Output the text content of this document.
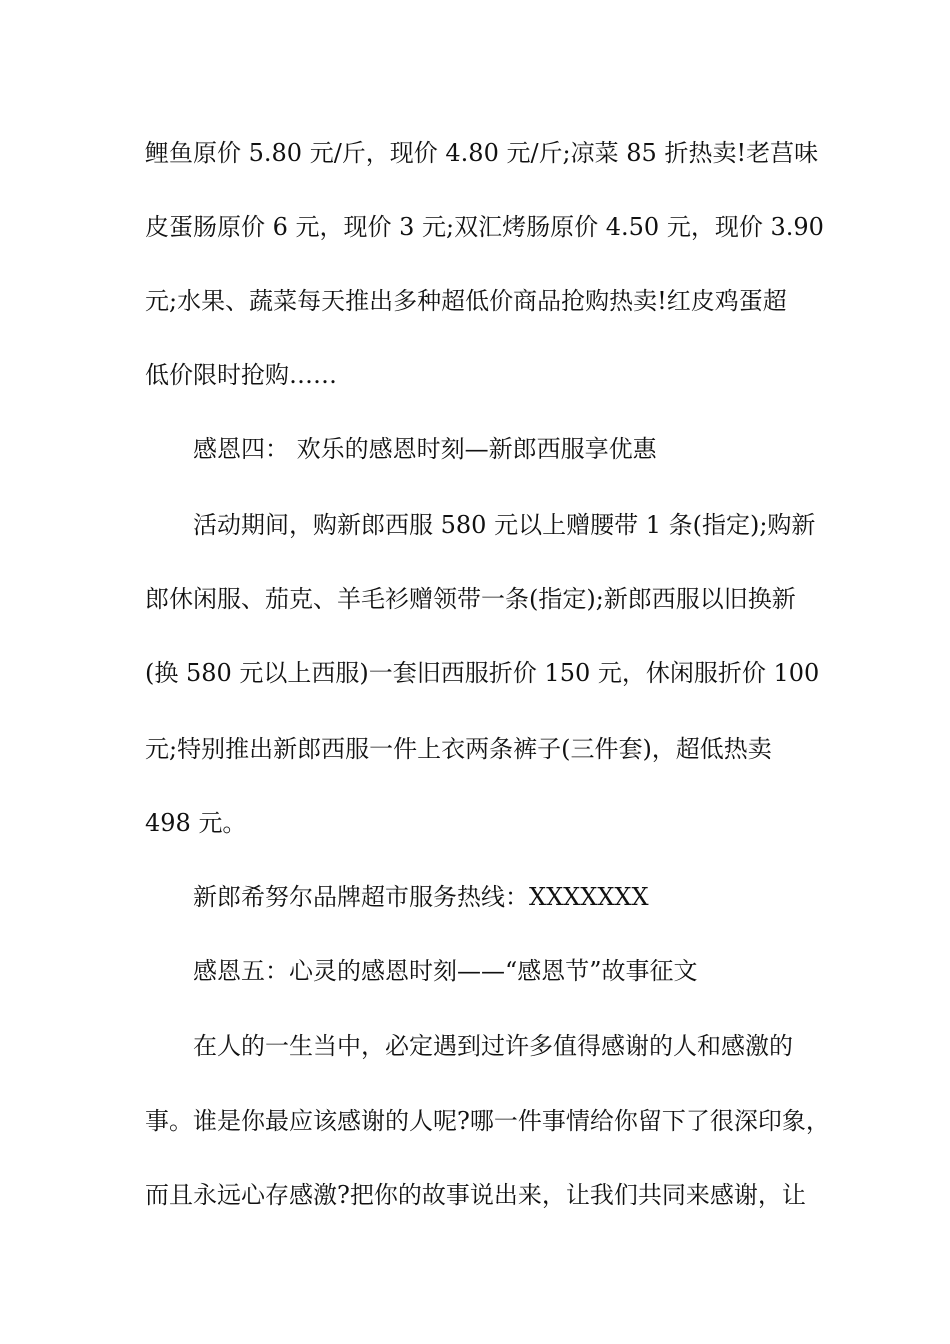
鲤鱼原价 5.80 元/斤，现价 4.80 元/斤;凉菜 85 折热卖!老莒味
皮蛋肠原价 6 元，现价 3 元;双汇烤肠原价 4.50 元，现价 3.90
元;水果、蔬菜每天推出多种超低价商品抢购热卖!红皮鸡蛋超
低价限时抢购……
感恩四： 欢乐的感恩时刻—新郎西服享优惠
活动期间，购新郎西服 580 元以上赠腰带 1 条(指定);购新
郎休闲服、茄克、羊毛衫赠领带一条(指定);新郎西服以旧换新
(换 580 元以上西服)一套旧西服折价 150 元，休闲服折价 100
元;特别推出新郎西服一件上衣两条裤子(三件套)，超低热卖
498 元。
新郎希努尔品牌超市服务热线：XXXXXXX
感恩五：心灵的感恩时刻——“感恩节”故事征文
在人的一生当中，必定遇到过许多值得感谢的人和感激的
事。谁是你最应该感谢的人呢?哪一件事情给你留下了很深印象，
而且永远心存感激?把你的故事说出来，让我们共同来感谢，让
